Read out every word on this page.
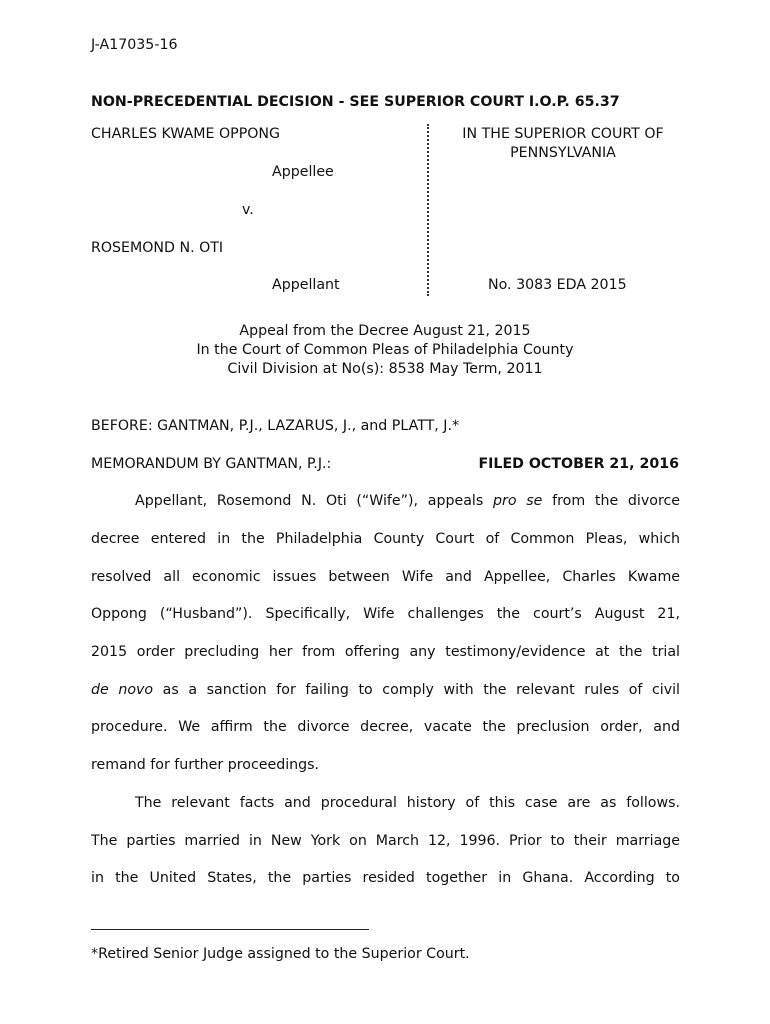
J-A17035-16
NON-PRECEDENTIAL DECISION - SEE SUPERIOR COURT I.O.P. 65.37
CHARLES KWAME OPPONG
Appellee
v.
ROSEMOND N. OTI
Appellant
IN THE SUPERIOR COURT OF
PENNSYLVANIA
No. 3083 EDA 2015
Appeal from the Decree August 21, 2015
In the Court of Common Pleas of Philadelphia County
Civil Division at No(s): 8538 May Term, 2011
BEFORE: GANTMAN, P.J., LAZARUS, J., and PLATT, J.*
MEMORANDUM BY GANTMAN, P.J.:	FILED OCTOBER 21, 2016
Appellant, Rosemond N. Oti (“Wife”), appeals pro se from the divorce
decree entered in the Philadelphia County Court of Common Pleas, which
resolved all economic issues between Wife and Appellee, Charles Kwame
Oppong (“Husband”). Specifically, Wife challenges the court’s August 21,
2015 order precluding her from offering any testimony/evidence at the trial
de novo as a sanction for failing to comply with the relevant rules of civil
procedure. We affirm the divorce decree, vacate the preclusion order, and
remand for further proceedings.
The relevant facts and procedural history of this case are as follows.
The parties married in New York on March 12, 1996. Prior to their marriage
in the United States, the parties resided together in Ghana. According to
*Retired Senior Judge assigned to the Superior Court.
